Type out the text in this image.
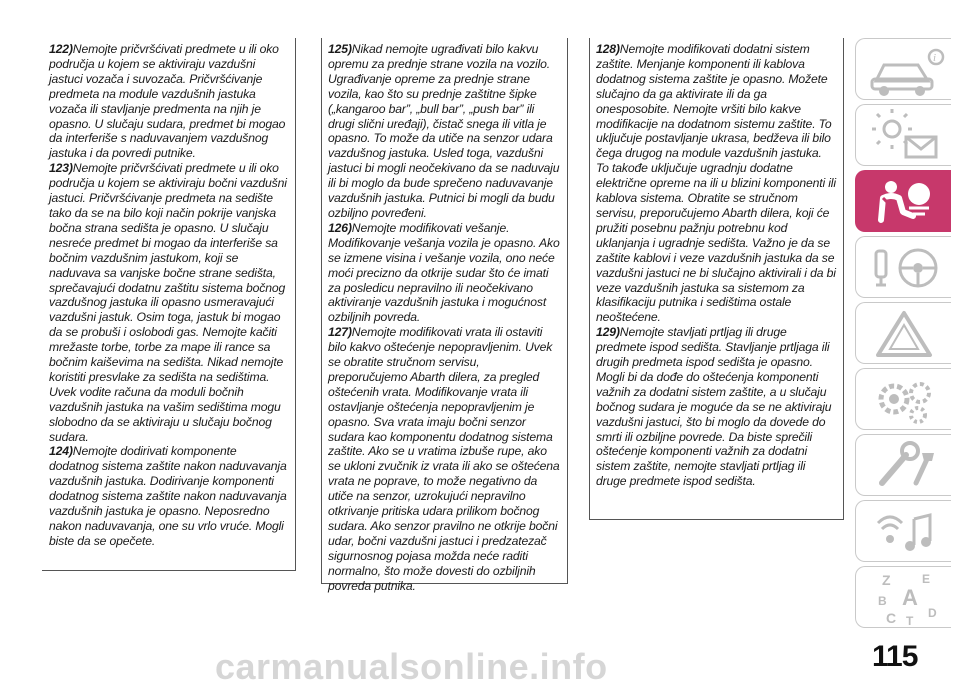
122)Nemojte pričvršćivati predmete u ili oko područja u kojem se aktiviraju vazdušni jastuci vozača i suvozača. Pričvršćivanje predmeta na module vazdušnih jastuka vozača ili stavljanje predmenta na njih je opasno. U slučaju sudara, predmet bi mogao da interferiše s naduvavanjem vazdušnog jastuka i da povredi putnike.

123)Nemojte pričvršćivati predmete u ili oko područja u kojem se aktiviraju bočni vazdušni jastuci. Pričvršćivanje predmeta na sedište tako da se na bilo koji način pokrije vanjska bočna strana sedišta je opasno. U slučaju nesreće predmet bi mogao da interferiše sa bočnim vazdušnim jastukom, koji se naduvava sa vanjske bočne strane sedišta, sprečavajući dodatnu zaštitu sistema bočnog vazdušnog jastuka ili opasno usmeravajući vazdušni jastuk. Osim toga, jastuk bi mogao da se probuši i oslobodi gas. Nemojte kačiti mrežaste torbe, torbe za mape ili rance sa bočnim kaiševima na sedišta. Nikad nemojte koristiti presvlake za sedišta na sedištima. Uvek vodite računa da moduli bočnih vazdušnih jastuka na vašim sedištima mogu slobodno da se aktiviraju u slučaju bočnog sudara.

124)Nemojte dodirivati komponente dodatnog sistema zaštite nakon naduvavanja vazdušnih jastuka. Dodirivanje komponenti dodatnog sistema zaštite nakon naduvavanja vazdušnih jastuka je opasno. Neposredno nakon naduvavanja, one su vrlo vruće. Mogli biste da se opečete.

125)Nikad nemojte ugrađivati bilo kakvu opremu za prednje strane vozila na vozilo. Ugrađivanje opreme za prednje strane vozila, kao što su prednje zaštitne šipke („kangaroo bar”, „bull bar”, „push bar” ili drugi slični uređaji), čistač snega ili vitla je opasno. To može da utiče na senzor udara vazdušnog jastuka. Usled toga, vazdušni jastuci bi mogli neočekivano da se naduvaju ili bi moglo da bude sprečeno naduvavanje vazdušnih jastuka. Putnici bi mogli da budu ozbiljno povređeni.

126)Nemojte modifikovati vešanje. Modifikovanje vešanja vozila je opasno. Ako se izmene visina i vešanje vozila, ono neće moći precizno da otkrije sudar što će imati za posledicu nepravilno ili neočekivano aktiviranje vazdušnih jastuka i mogućnost ozbiljnih povreda.

127)Nemojte modifikovati vrata ili ostaviti bilo kakvo oštećenje nepopravljenim. Uvek se obratite stručnom servisu, preporučujemo Abarth dilera, za pregled oštećenih vrata. Modifikovanje vrata ili ostavljanje oštećenja nepopravljenim je opasno. Sva vrata imaju bočni senzor sudara kao komponentu dodatnog sistema zaštite. Ako se u vratima izbuše rupe, ako se ukloni zvučnik iz vrata ili ako se oštećena vrata ne poprave, to može negativno da utiče na senzor, uzrokujući nepravilno otkrivanje pritiska udara prilikom bočnog sudara. Ako senzor pravilno ne otkrije bočni udar, bočni vazdušni jastuci i predzatezač sigurnosnog pojasa možda neće raditi normalno, što može dovesti do ozbiljnih povreda putnika.

128)Nemojte modifikovati dodatni sistem zaštite. Menjanje komponenti ili kablova dodatnog sistema zaštite je opasno. Možete slučajno da ga aktivirate ili da ga onesposobite. Nemojte vršiti bilo kakve modifikacije na dodatnom sistemu zaštite. To uključuje postavljanje ukrasa, bedževa ili bilo čega drugog na module vazdušnih jastuka. To takođe uključuje ugradnju dodatne električne opreme na ili u blizini komponenti ili kablova sistema. Obratite se stručnom servisu, preporučujemo Abarth dilera, koji će pružiti posebnu pažnju potrebnu kod uklanjanja i ugradnje sedišta. Važno je da se zaštite kablovi i veze vazdušnih jastuka da se vazdušni jastuci ne bi slučajno aktivirali i da bi veze vazdušnih jastuka sa sistemom za klasifikaciju putnika i sedištima ostale neoštećene.

129)Nemojte stavljati prtljag ili druge predmete ispod sedišta. Stavljanje prtljaga ili drugih predmeta ispod sedišta je opasno. Mogli bi da dođe do oštećenja komponenti važnih za dodatni sistem zaštite, a u slučaju bočnog sudara je moguće da se ne aktiviraju vazdušni jastuci, što bi moglo da dovede do smrti ili ozbiljne povrede. Da biste sprečili oštećenje komponenti važnih za dodatni sistem zaštite, nemojte stavljati prtljag ili druge predmete ispod sedišta.

i
Z	E
B A
C T
D
115
carmanualsonline.info
